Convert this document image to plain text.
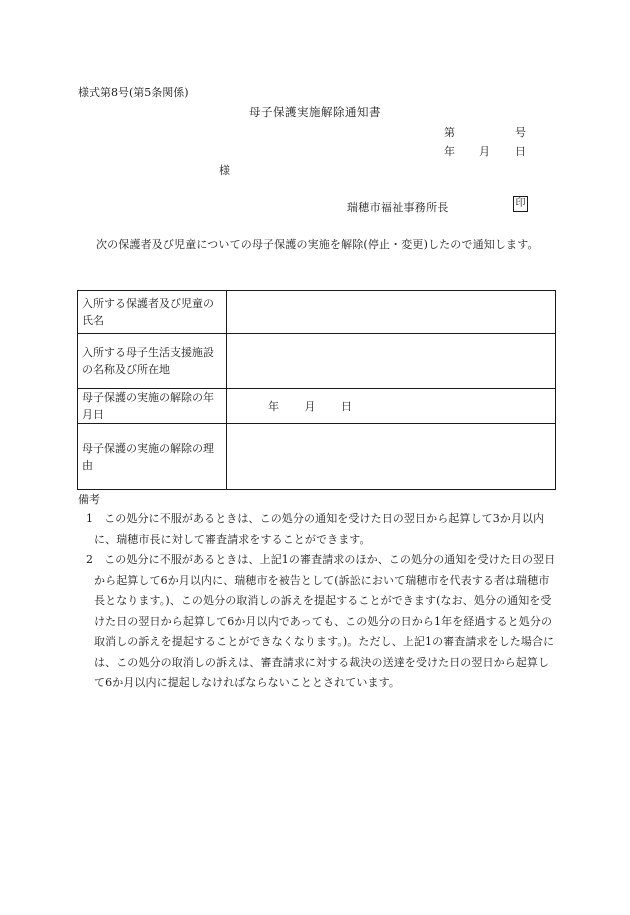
様式第8号(第5条関係)
母子保護実施解除通知書
第	号
年 月 日
様
瑞穂市福祉事務所長	印
次の保護者及び児童についての母子保護の実施を解除(停止・変更)したので通知します。
入所する保護者及び児童の氏名	
入所する母子生活支援施設の名称及び所在地	
母子保護の実施の解除の年月日	年 月 日
母子保護の実施の解除の理由	
備考
1　この処分に不服があるときは、この処分の通知を受けた日の翌日から起算して3か月以内に、瑞穂市長に対して審査請求をすることができます。
2　この処分に不服があるときは、上記1の審査請求のほか、この処分の通知を受けた日の翌日から起算して6か月以内に、瑞穂市を被告として(訴訟において瑞穂市を代表する者は瑞穂市長となります。)、この処分の取消しの訴えを提起することができます(なお、処分の通知を受けた日の翌日から起算して6か月以内であっても、この処分の日から1年を経過すると処分の取消しの訴えを提起することができなくなります。)。ただし、上記1の審査請求をした場合には、この処分の取消しの訴えは、審査請求に対する裁決の送達を受けた日の翌日から起算して6か月以内に提起しなければならないこととされています。
